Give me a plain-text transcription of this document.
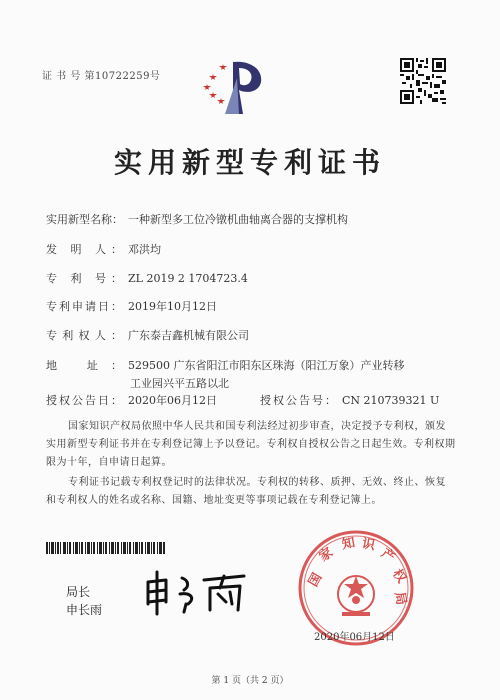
证 书 号 第10722259号
实用新型专利证书
实用新型名称： 一种新型多工位冷镦机曲轴离合器的支撑机构
发 明 人： 邓洪均
专 利 号： ZL 2019 2 1704723.4
专利申请日： 2019年10月12日
专利权人： 广东泰吉鑫机械有限公司
地 址： 529500 广东省阳江市阳东区珠海（阳江万象）产业转移
工业园兴平五路以北
授权公告日： 2020年06月12日	授权公告号： CN 210739321 U
国家知识产权局依照中华人民共和国专利法经过初步审查，决定授予专利权，颁发实用新型专利证书并在专利登记簿上予以登记。专利权自授权公告之日起生效。专利权期限为十年，自申请日起算。
专利证书记载专利权登记时的法律状况。专利权的转移、质押、无效、终止、恢复和专利权人的姓名或名称、国籍、地址变更等事项记载在专利登记簿上。
局长
申长雨
国
家
知 识
产
权
局
2020年06月12日
第 1 页（共 2 页）
